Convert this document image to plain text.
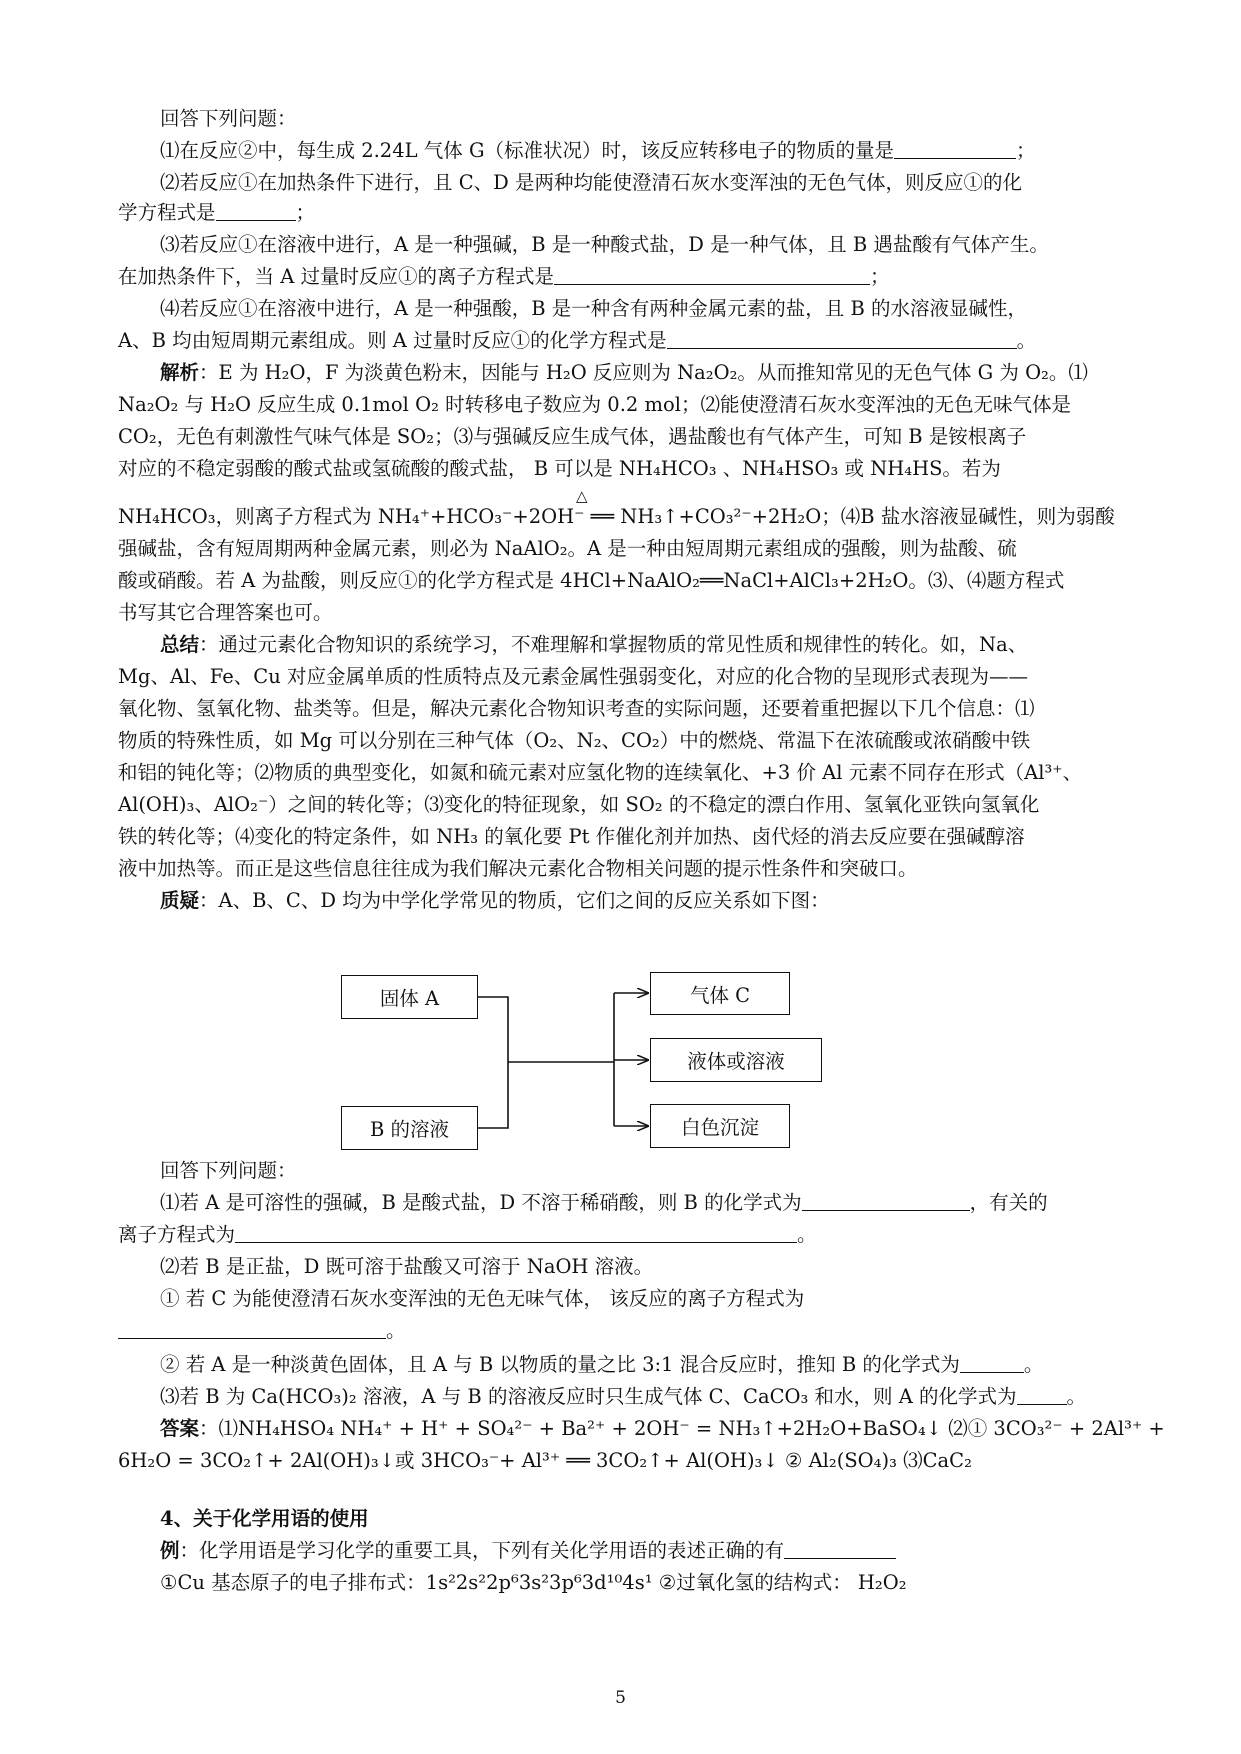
回答下列问题：
⑴在反应②中，每生成 2.24L 气体 G（标准状况）时，该反应转移电子的物质的量是	；
⑵若反应①在加热条件下进行，且 C、D 是两种均能使澄清石灰水变浑浊的无色气体，则反应①的化
学方程式是	；
⑶若反应①在溶液中进行，A 是一种强碱，B 是一种酸式盐，D 是一种气体，且 B 遇盐酸有气体产生。
在加热条件下，当 A 过量时反应①的离子方程式是	；
⑷若反应①在溶液中进行，A 是一种强酸，B 是一种含有两种金属元素的盐，且 B 的水溶液显碱性，
A、B 均由短周期元素组成。则 A 过量时反应①的化学方程式是	。
解析：E 为 H₂O，F 为淡黄色粉末，因能与 H₂O 反应则为 Na₂O₂。从而推知常见的无色气体 G 为 O₂。⑴
Na₂O₂ 与 H₂O 反应生成 0.1mol O₂ 时转移电子数应为 0.2 mol；⑵能使澄清石灰水变浑浊的无色无味气体是
CO₂，无色有刺激性气味气体是 SO₂；⑶与强碱反应生成气体，遇盐酸也有气体产生，可知 B 是铵根离子
对应的不稳定弱酸的酸式盐或氢硫酸的酸式盐， B 可以是 NH₄HCO₃ 、NH₄HSO₃ 或 NH₄HS。若为
△
NH₄HCO₃，则离子方程式为 NH₄⁺+HCO₃⁻+2OH⁻ ══ NH₃↑+CO₃²⁻+2H₂O；⑷B 盐水溶液显碱性，则为弱酸
强碱盐，含有短周期两种金属元素，则必为 NaAlO₂。A 是一种由短周期元素组成的强酸，则为盐酸、硫
酸或硝酸。若 A 为盐酸，则反应①的化学方程式是 4HCl+NaAlO₂══NaCl+AlCl₃+2H₂O。⑶、⑷题方程式
书写其它合理答案也可。
总结：通过元素化合物知识的系统学习，不难理解和掌握物质的常见性质和规律性的转化。如，Na、
Mg、Al、Fe、Cu 对应金属单质的性质特点及元素金属性强弱变化，对应的化合物的呈现形式表现为——
氧化物、氢氧化物、盐类等。但是，解决元素化合物知识考查的实际问题，还要着重把握以下几个信息：⑴
物质的特殊性质，如 Mg 可以分别在三种气体（O₂、N₂、CO₂）中的燃烧、常温下在浓硫酸或浓硝酸中铁
和铝的钝化等；⑵物质的典型变化，如氮和硫元素对应氢化物的连续氧化、+3 价 Al 元素不同存在形式（Al³⁺、
Al(OH)₃、AlO₂⁻）之间的转化等；⑶变化的特征现象，如 SO₂ 的不稳定的漂白作用、氢氧化亚铁向氢氧化
铁的转化等；⑷变化的特定条件，如 NH₃ 的氧化要 Pt 作催化剂并加热、卤代烃的消去反应要在强碱醇溶
液中加热等。而正是这些信息往往成为我们解决元素化合物相关问题的提示性条件和突破口。
质疑：A、B、C、D 均为中学化学常见的物质，它们之间的反应关系如下图：
固体 A
B 的溶液
气体 C
液体或溶液
白色沉淀
回答下列问题：
⑴若 A 是可溶性的强碱，B 是酸式盐，D 不溶于稀硝酸，则 B 的化学式为	，有关的
离子方程式为	。
⑵若 B 是正盐，D 既可溶于盐酸又可溶于 NaOH 溶液。
① 若 C 为能使澄清石灰水变浑浊的无色无味气体， 该反应的离子方程式为
。
② 若 A 是一种淡黄色固体，且 A 与 B 以物质的量之比 3:1 混合反应时，推知 B 的化学式为	。
⑶若 B 为 Ca(HCO₃)₂ 溶液，A 与 B 的溶液反应时只生成气体 C、CaCO₃ 和水，则 A 的化学式为	。
答案：⑴NH₄HSO₄ NH₄⁺ + H⁺ + SO₄²⁻ + Ba²⁺ + 2OH⁻ = NH₃↑+2H₂O+BaSO₄↓ ⑵① 3CO₃²⁻ + 2Al³⁺ +
6H₂O = 3CO₂↑+ 2Al(OH)₃↓或 3HCO₃⁻+ Al³⁺ ══ 3CO₂↑+ Al(OH)₃↓ ② Al₂(SO₄)₃ ⑶CaC₂
4、关于化学用语的使用
例：化学用语是学习化学的重要工具，下列有关化学用语的表述正确的有
①Cu 基态原子的电子排布式：1s²2s²2p⁶3s²3p⁶3d¹⁰4s¹ ②过氧化氢的结构式： H₂O₂
5
